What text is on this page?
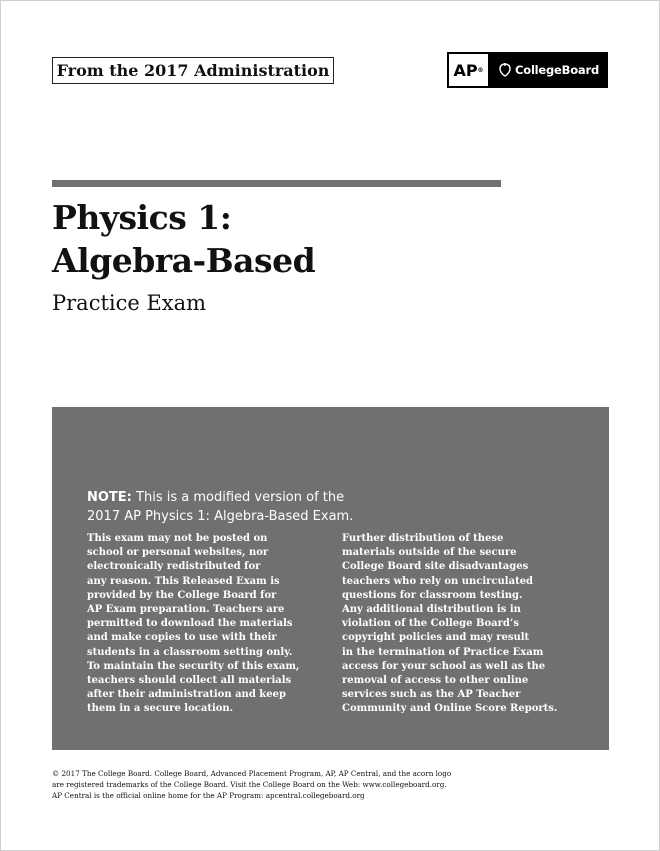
From the 2017 Administration	AP ®	CollegeBoard
Physics 1:
Algebra-Based
Practice Exam
NOTE: This is a modified version of the
2017 AP Physics 1: Algebra-Based Exam.
This exam may not be posted on
school or personal websites, nor
electronically redistributed for
any reason. This Released Exam is
provided by the College Board for
AP Exam preparation. Teachers are
permitted to download the materials
and make copies to use with their
students in a classroom setting only.
To maintain the security of this exam,
teachers should collect all materials
after their administration and keep
them in a secure location.
Further distribution of these
materials outside of the secure
College Board site disadvantages
teachers who rely on uncirculated
questions for classroom testing.
Any additional distribution is in
violation of the College Board’s
copyright policies and may result
in the termination of Practice Exam
access for your school as well as the
removal of access to other online
services such as the AP Teacher
Community and Online Score Reports.
© 2017 The College Board. College Board, Advanced Placement Program, AP, AP Central, and the acorn logo
are registered trademarks of the College Board. Visit the College Board on the Web: www.collegeboard.org.
AP Central is the official online home for the AP Program: apcentral.collegeboard.org
